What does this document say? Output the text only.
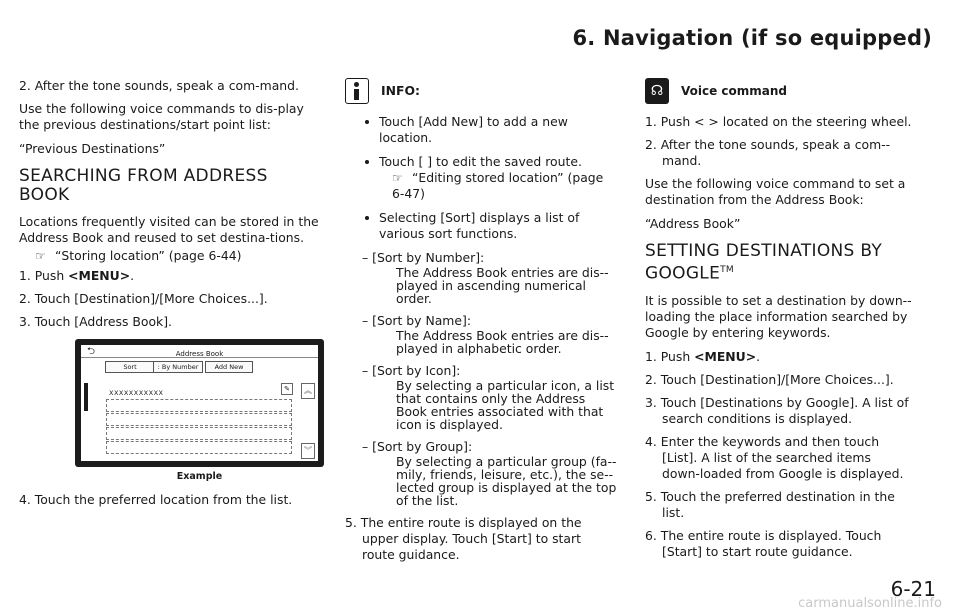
6. Navigation (if so equipped)

2. After the tone sounds, speak a com-mand.

Use the following voice commands to dis-play the previous destinations/start point list:

“Previous Destinations”

SEARCHING FROM ADDRESS BOOK

Locations frequently visited can be stored in the Address Book and reused to set destina-tions.

☞ “Storing location” (page 6-44)

1. Push <MENU>.

2. Touch [Destination]/[More Choices...].

3. Touch [Address Book].

⮌	Address Book
Sort	: By Number	Add New
XXXXXXXXXXX	✎	︽
︾
Example

4. Touch the preferred location from the list.

INFO:
Touch [Add New] to add a new location.
Touch [ ] to edit the saved route.
☞ “Editing stored location” (page 6-47)
Selecting [Sort] displays a list of various sort functions.
– [Sort by Number]:
The Address Book entries are dis-played in ascending numerical order.
– [Sort by Name]:
The Address Book entries are dis-played in alphabetic order.
– [Sort by Icon]:
By selecting a particular icon, a list that contains only the Address Book entries associated with that icon is displayed.
– [Sort by Group]:
By selecting a particular group (fa-mily, friends, leisure, etc.), the se-lected group is displayed at the top of the list.

5. The entire route is displayed on the upper display. Touch [Start] to start route guidance.

☊	Voice command

1. Push < > located on the steering wheel.

2. After the tone sounds, speak a com-mand.

Use the following voice command to set a destination from the Address Book:

“Address Book”

SETTING DESTINATIONS BY GOOGLE™

It is possible to set a destination by down-loading the place information searched by Google by entering keywords.

1. Push <MENU>.

2. Touch [Destination]/[More Choices...].

3. Touch [Destinations by Google]. A list of search conditions is displayed.

4. Enter the keywords and then touch [List]. A list of the searched items down-loaded from Google is displayed.

5. Touch the preferred destination in the list.

6. The entire route is displayed. Touch [Start] to start route guidance.

6-21
carmanualsonline.info
